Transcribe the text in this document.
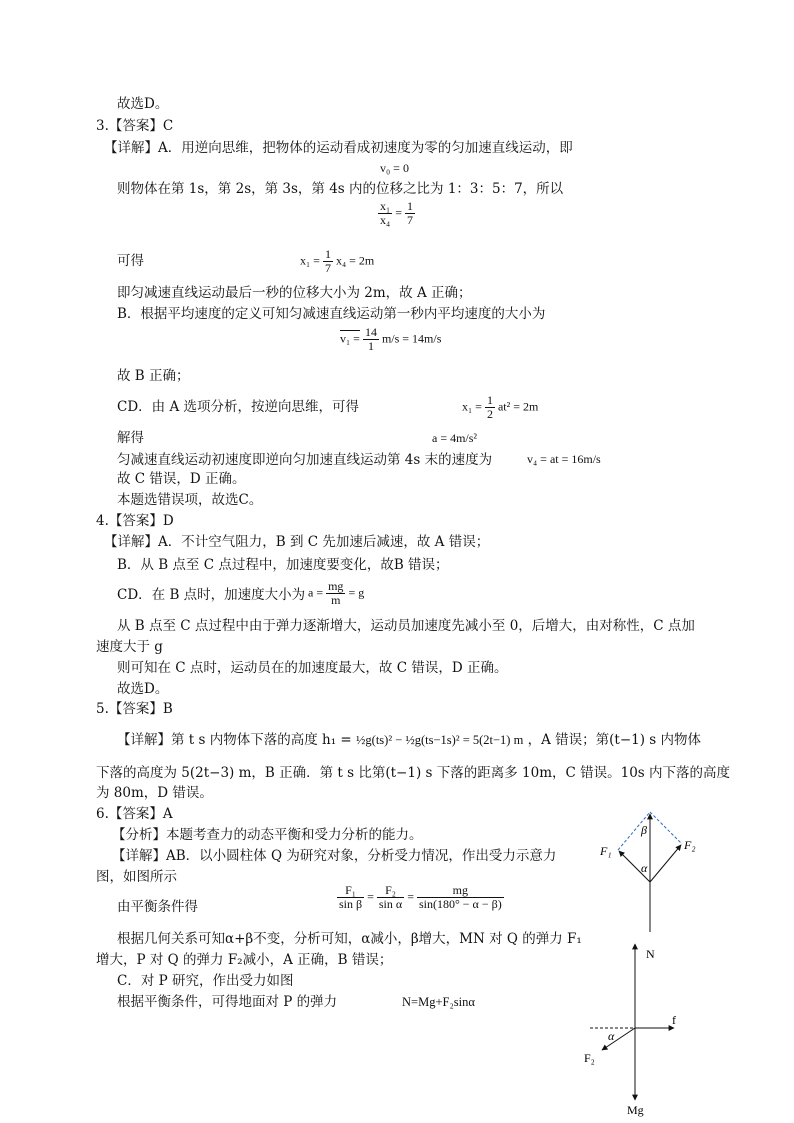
故选D。
3.【答案】C
【详解】A．用逆向思维，把物体的运动看成初速度为零的匀加速直线运动，即
v₀ = 0
则物体在第 1s，第 2s，第 3s，第 4s 内的位移之比为 1：3：5：7，所以
$\frac{\text{x₁}}{\text{x₄}} = \frac{1}{7}$
可得	$x_1 = \frac{1}{7} x_4 = 2m$
即匀减速直线运动最后一秒的位移大小为 2m，故 A 正确；
B．根据平均速度的定义可知匀减速直线运动第一秒内平均速度的大小为
$v_1 = \frac{14}{1} m/s = 14m/s$
故 B 正确；
CD．由 A 选项分析，按逆向思维，可得	$x_1 = \frac{1}{2} at^2 = 2m$
解得	a = 4m/s²
匀减速直线运动初速度即逆向匀加速直线运动第 4s 末的速度为	v₄ = at = 16m/s
故 C 错误，D 正确。
本题选错误项，故选C。
4.【答案】D
【详解】A．不计空气阻力，B 到 C 先加速后减速，故 A 错误；
B．从 B 点至 C 点过程中，加速度要变化，故B 错误；
CD．在 B 点时，加速度大小为 $a = \frac{mg}{m} = g$
从 B 点至 C 点过程中由于弹力逐渐增大，运动员加速度先减小至 0，后增大，由对称性，C 点加
速度大于 g
则可知在 C 点时，运动员在的加速度最大，故 C 错误，D 正确。
故选D。
5.【答案】B
【详解】第 t s 内物体下落的高度 h₁ = ½g(ts)² − ½g(ts−1s)² = 5(2t−1) m ，A 错误；第(t−1) s 内物体
下落的高度为 5(2t−3) m，B 正确．第 t s 比第(t−1) s 下落的距离多 10m，C 错误。10s 内下落的高度
为 80m，D 错误。
6.【答案】A
【分析】本题考查力的动态平衡和受力分析的能力。
【详解】AB．以小圆柱体 Q 为研究对象，分析受力情况，作出受力示意力
图，如图所示
由平衡条件得	$\frac{\text{F₁}}{\text{sin β}} = \frac{\text{F₂}}{\text{sin α}} = \frac{mg}{\sin(180^\circ - \alpha - \beta)}$
根据几何关系可知α+β不变，分析可知，α减小，β增大，MN 对 Q 的弹力 F₁
增大，P 对 Q 的弹力 F₂减小，A 正确，B 错误；
C．对 P 研究，作出受力如图
根据平衡条件，可得地面对 P 的弹力	N=Mg+F₂sinα
β
α
F₁	F₂
N
f
α
F₂
Mg
